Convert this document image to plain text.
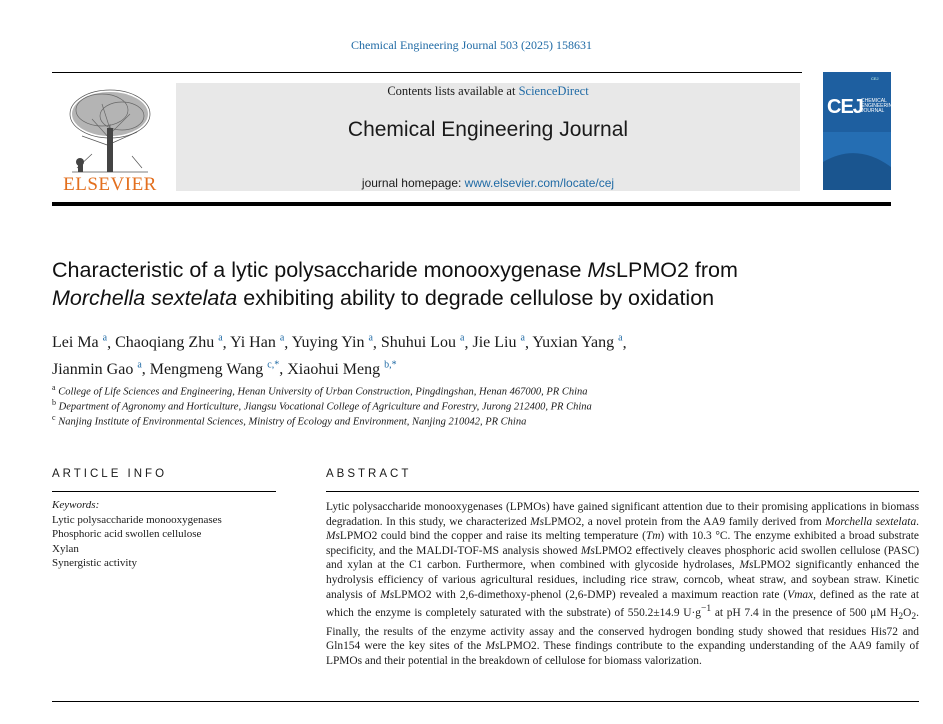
Chemical Engineering Journal 503 (2025) 158631
ELSEVIER
Contents lists available at ScienceDirect
Chemical Engineering Journal
journal homepage: www.elsevier.com/locate/cej
CEJ
CEJ
CHEMICAL
ENGINEERING
JOURNAL
Characteristic of a lytic polysaccharide monooxygenase MsLPMO2 from
Morchella sextelata exhibiting ability to degrade cellulose by oxidation
Lei Ma $^a$, Chaoqiang Zhu $^a$, Yi Han $^a$, Yuying Yin $^a$, Shuhui Lou $^a$, Jie Liu $^a$, Yuxian Yang $^a$,
Jianmin Gao $^a$, Mengmeng Wang $^{c,*}$, Xiaohui Meng $^{b,*}$
$^a$ College of Life Sciences and Engineering, Henan University of Urban Construction, Pingdingshan, Henan 467000, PR China
$^b$ Department of Agronomy and Horticulture, Jiangsu Vocational College of Agriculture and Forestry, Jurong 212400, PR China
$^c$ Nanjing Institute of Environmental Sciences, Ministry of Ecology and Environment, Nanjing 210042, PR China
ARTICLE INFO
Keywords:
Lytic polysaccharide monooxygenases
Phosphoric acid swollen cellulose
Xylan
Synergistic activity
ABSTRACT
Lytic polysaccharide monooxygenases (LPMOs) have gained significant attention due to their promising applications in biomass degradation. In this study, we characterized MsLPMO2, a novel protein from the AA9 family derived from Morchella sextelata. MsLPMO2 could bind the copper and raise its melting temperature (Tm) with 10.3 °C. The enzyme exhibited a broad substrate specificity, and the MALDI-TOF-MS analysis showed MsLPMO2 effectively cleaves phosphoric acid swollen cellulose (PASC) and xylan at the C1 carbon. Furthermore, when combined with glycoside hydrolases, MsLPMO2 significantly enhanced the hydrolysis efficiency of various agricultural residues, including rice straw, corncob, wheat straw, and soybean straw. Kinetic analysis of MsLPMO2 with 2,6-dimethoxy-phenol (2,6-DMP) revealed a maximum reaction rate (Vmax, defined as the rate at which the enzyme is completely saturated with the substrate) of 550.2±14.9 $U\cdot g^{-1}$ at pH 7.4 in the presence of 500 μM $H_2O_2$. Finally, the results of the enzyme activity assay and the conserved hydrogen bonding study showed that residues His72 and Gln154 were the key sites of the MsLPMO2. These findings contribute to the expanding understanding of the AA9 family of LPMOs and their potential in the breakdown of cellulose for biomass valorization.
